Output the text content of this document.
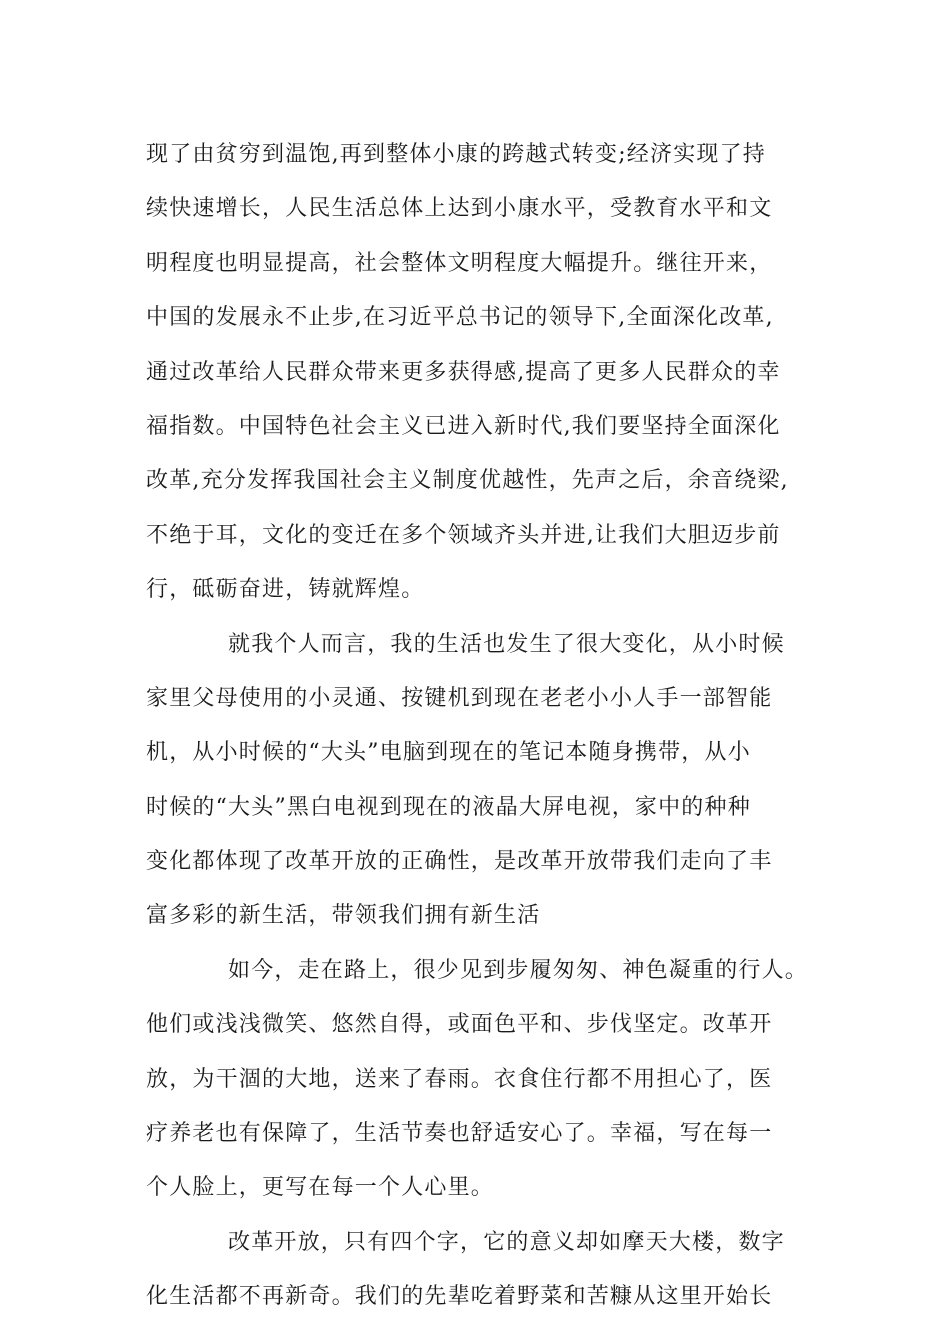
现了由贫穷到温饱,再到整体小康的跨越式转变;经济实现了持
续快速增长，人民生活总体上达到小康水平，受教育水平和文
明程度也明显提高，社会整体文明程度大幅提升。继往开来，
中国的发展永不止步,在习近平总书记的领导下,全面深化改革,
通过改革给人民群众带来更多获得感,提高了更多人民群众的幸
福指数。中国特色社会主义已进入新时代,我们要坚持全面深化
改革,充分发挥我国社会主义制度优越性，先声之后，余音绕梁,
不绝于耳，文化的变迁在多个领域齐头并进,让我们大胆迈步前
行，砥砺奋进，铸就辉煌。
就我个人而言，我的生活也发生了很大变化，从小时候
家里父母使用的小灵通、按键机到现在老老小小人手一部智能
机，从小时候的“大头”电脑到现在的笔记本随身携带，从小
时候的“大头”黑白电视到现在的液晶大屏电视，家中的种种
变化都体现了改革开放的正确性，是改革开放带我们走向了丰
富多彩的新生活，带领我们拥有新生活
如今，走在路上，很少见到步履匆匆、神色凝重的行人。
他们或浅浅微笑、悠然自得，或面色平和、步伐坚定。改革开
放，为干涸的大地，送来了春雨。衣食住行都不用担心了，医
疗养老也有保障了，生活节奏也舒适安心了。幸福，写在每一
个人脸上，更写在每一个人心里。
改革开放，只有四个字，它的意义却如摩天大楼，数字
化生活都不再新奇。我们的先辈吃着野菜和苦糠从这里开始长
